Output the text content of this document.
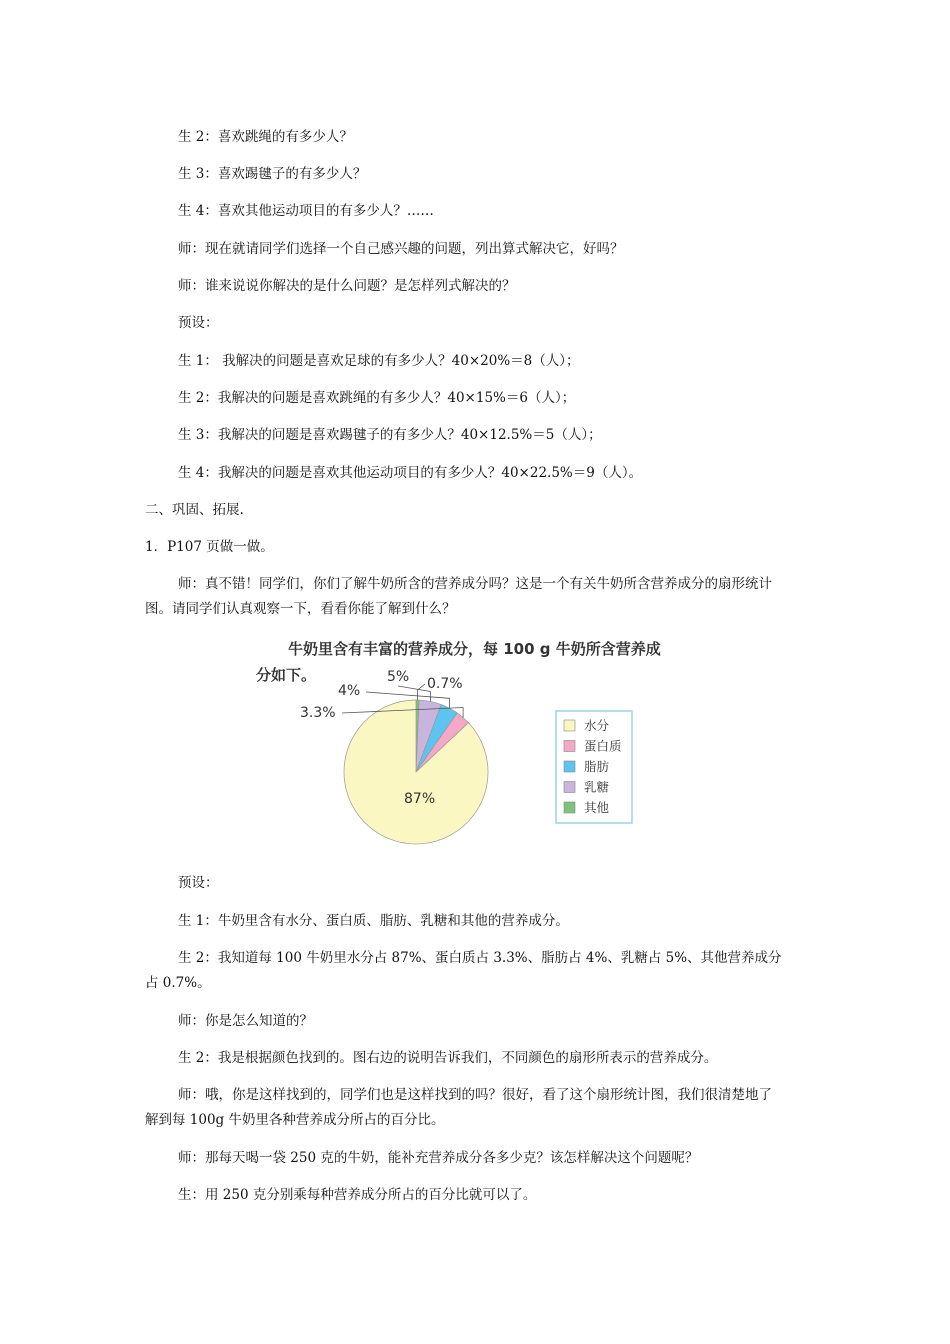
生 2：喜欢跳绳的有多少人？
生 3：喜欢踢毽子的有多少人？
生 4：喜欢其他运动项目的有多少人？……
师：现在就请同学们选择一个自己感兴趣的问题，列出算式解决它，好吗？
师：谁来说说你解决的是什么问题？是怎样列式解决的？
预设：
生 1： 我解决的问题是喜欢足球的有多少人？40×20%＝8（人）；
生 2：我解决的问题是喜欢跳绳的有多少人？40×15%＝6（人）；
生 3：我解决的问题是喜欢踢毽子的有多少人？40×12.5%＝5（人）；
生 4：我解决的问题是喜欢其他运动项目的有多少人？40×22.5%＝9（人）。
二、巩固、拓展.
1．P107 页做一做。
师：真不错！同学们，你们了解牛奶所含的营养成分吗？这是一个有关牛奶所含营养成分的扇形统计图。请同学们认真观察一下，看看你能了解到什么？
牛奶里含有丰富的营养成分，每 100 g 牛奶所含营养成
分如下。
87%
3.3%
4%
5% 0.7%
水分
蛋白质
脂肪
乳糖
其他
预设：
生 1：牛奶里含有水分、蛋白质、脂肪、乳糖和其他的营养成分。
生 2：我知道每 100 牛奶里水分占 87%、蛋白质占 3.3%、脂肪占 4%、乳糖占 5%、其他营养成分占 0.7%。
师：你是怎么知道的？
生 2：我是根据颜色找到的。图右边的说明告诉我们，不同颜色的扇形所表示的营养成分。
师：哦，你是这样找到的，同学们也是这样找到的吗？很好，看了这个扇形统计图，我们很清楚地了解到每 100g 牛奶里各种营养成分所占的百分比。
师：那每天喝一袋 250 克的牛奶，能补充营养成分各多少克？该怎样解决这个问题呢？
生：用 250 克分别乘每种营养成分所占的百分比就可以了。
